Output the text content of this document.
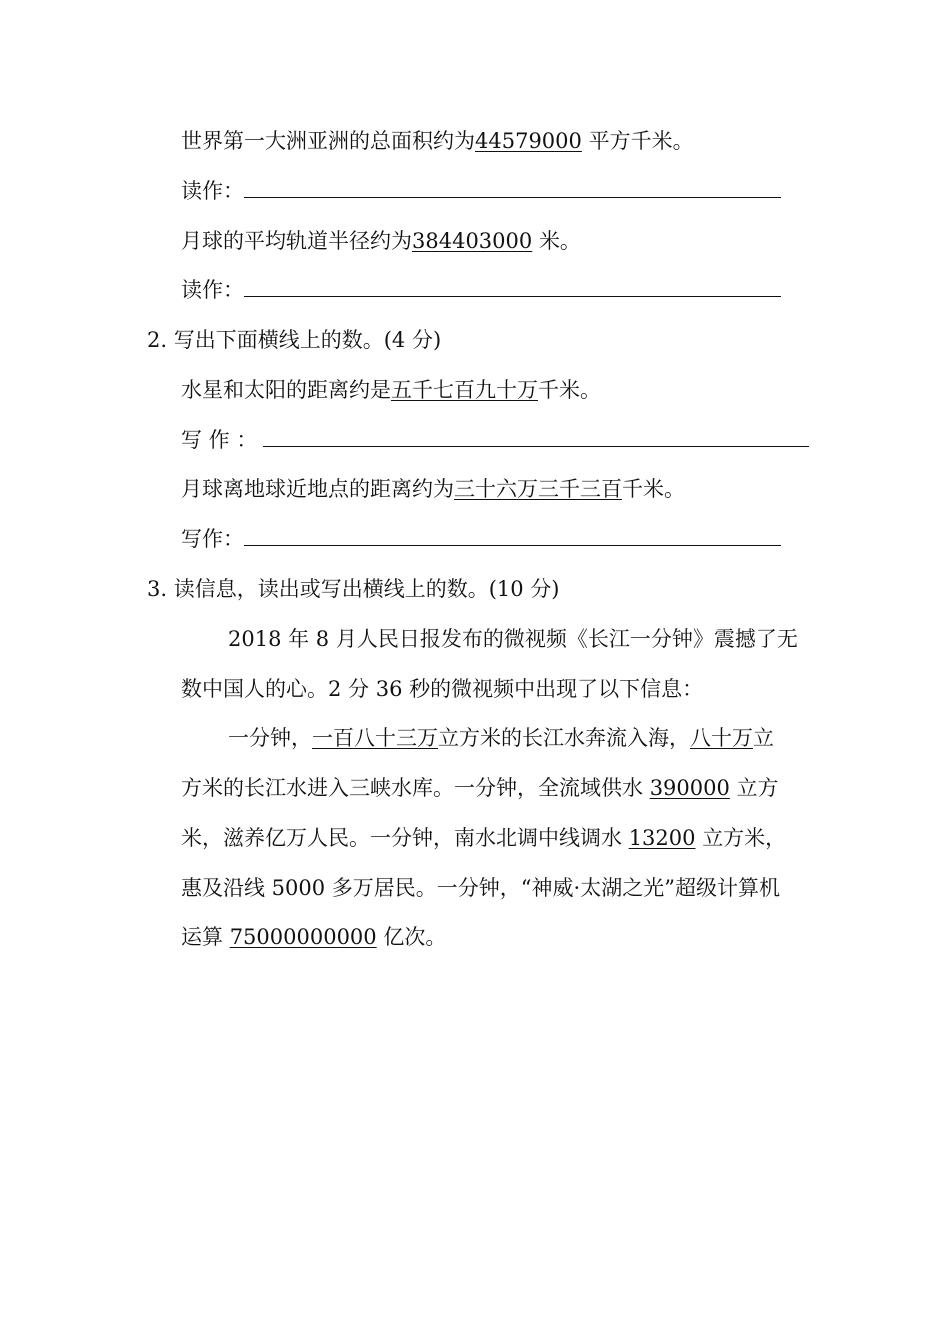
世界第一大洲亚洲的总面积约为44579000 平方千米。
读作：
月球的平均轨道半径约为384403000 米。
读作：
2. 写出下面横线上的数。(4 分)
水星和太阳的距离约是五千七百九十万千米。
写 作 ：
月球离地球近地点的距离约为三十六万三千三百千米。
写作：
3. 读信息，读出或写出横线上的数。(10 分)
2018 年 8 月人民日报发布的微视频《长江一分钟》震撼了无
数中国人的心。2 分 36 秒的微视频中出现了以下信息：
一分钟，一百八十三万立方米的长江水奔流入海，八十万立
方米的长江水进入三峡水库。一分钟，全流域供水 390000 立方
米，滋养亿万人民。一分钟，南水北调中线调水 13200 立方米，
惠及沿线 5000 多万居民。一分钟，“神威·太湖之光”超级计算机
运算 75000000000 亿次。
